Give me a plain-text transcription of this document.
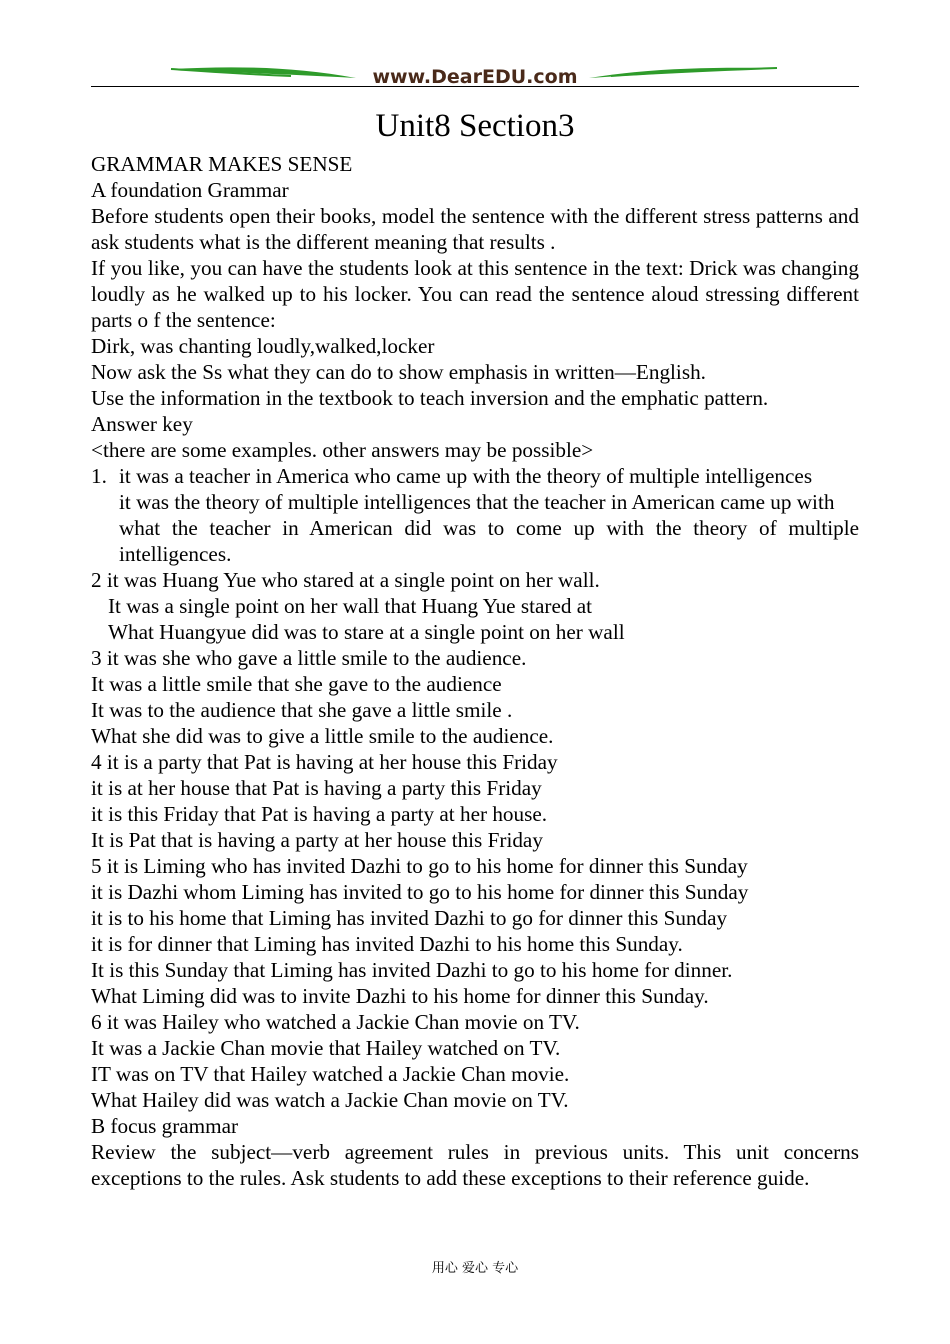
www.DearEDU.com
Unit8 Section3

GRAMMAR MAKES SENSE

A foundation Grammar

Before students open their books, model the sentence with the different stress patterns and ask students what is the different meaning that results .

If you like, you can have the students look at this sentence in the text: Drick was changing loudly as he walked up to his locker. You can read the sentence aloud stressing different parts o f the sentence:

Dirk, was chanting loudly,walked,locker

Now ask the Ss what they can do to show emphasis in written—English.

Use the information in the textbook to teach inversion and the emphatic pattern.

Answer key

<there are some examples. other answers may be possible>

1. it was a teacher in America who came up with the theory of multiple intelligences

it was the theory of multiple intelligences that the teacher in American came up with

what the teacher in American did was to come up with the theory of multiple intelligences.

2 it was Huang Yue who stared at a single point on her wall.

It was a single point on her wall that Huang Yue stared at

What Huangyue did was to stare at a single point on her wall

3 it was she who gave a little smile to the audience.

It was a little smile that she gave to the audience

It was to the audience that she gave a little smile .

What she did was to give a little smile to the audience.

4 it is a party that Pat is having at her house this Friday

it is at her house that Pat is having a party this Friday

it is this Friday that Pat is having a party at her house.

It is Pat that is having a party at her house this Friday

5 it is Liming who has invited Dazhi to go to his home for dinner this Sunday

it is Dazhi whom Liming has invited to go to his home for dinner this Sunday

it is to his home that Liming has invited Dazhi to go for dinner this Sunday

it is for dinner that Liming has invited Dazhi to his home this Sunday.

It is this Sunday that Liming has invited Dazhi to go to his home for dinner.

What Liming did was to invite Dazhi to his home for dinner this Sunday.

6 it was Hailey who watched a Jackie Chan movie on TV.

It was a Jackie Chan movie that Hailey watched on TV.

IT was on TV that Hailey watched a Jackie Chan movie.

What Hailey did was watch a Jackie Chan movie on TV.

B focus grammar

Review the subject—verb agreement rules in previous units. This unit concerns exceptions to the rules. Ask students to add these exceptions to their reference guide.

用心 爱心 专心
